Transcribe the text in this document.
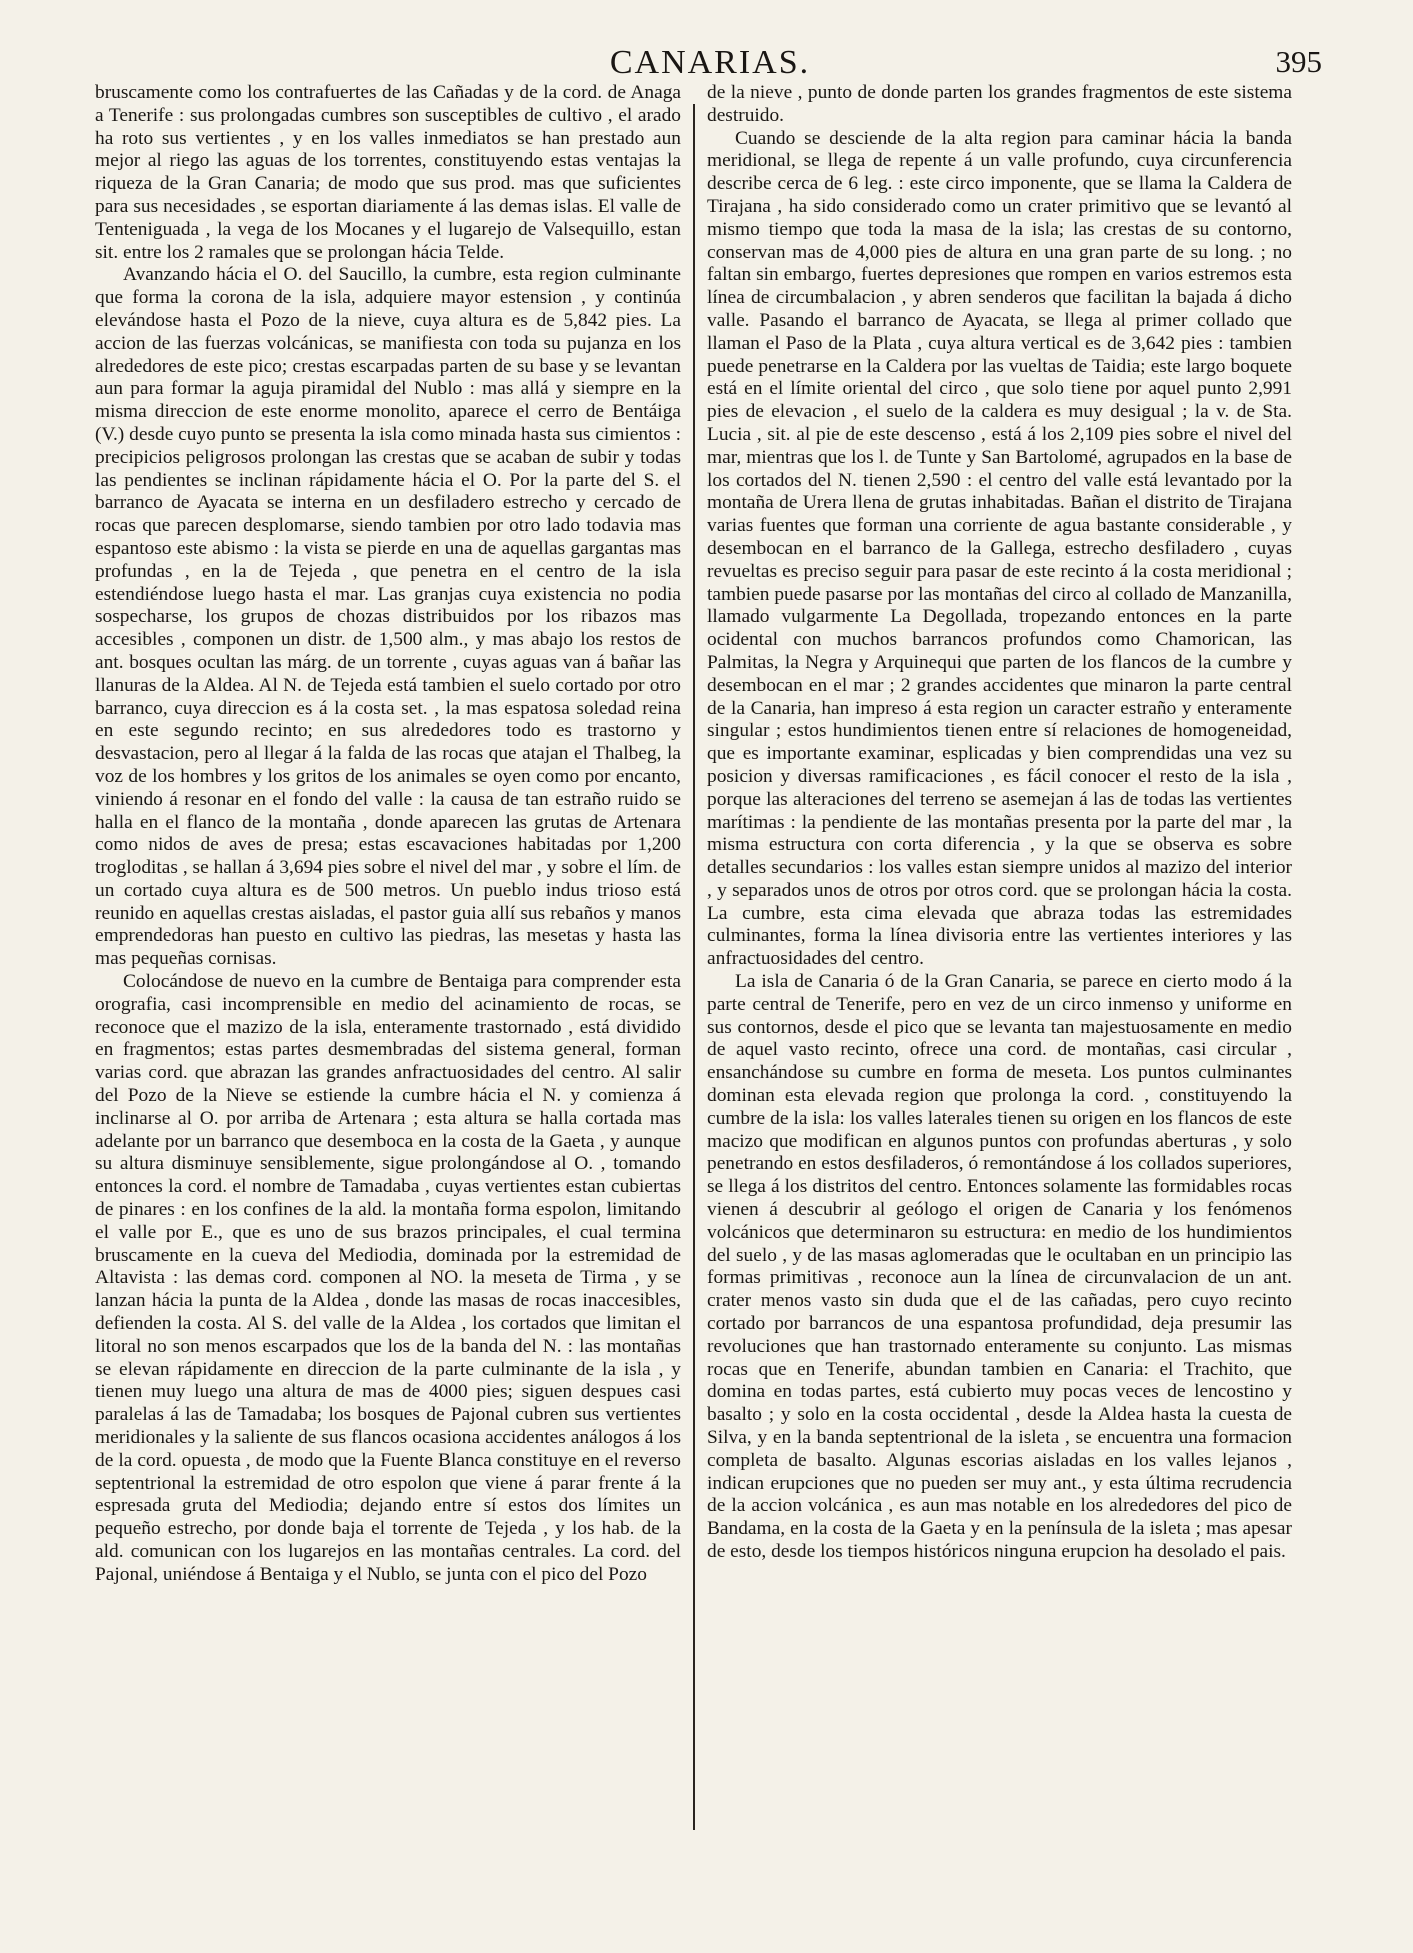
CANARIAS.	395

bruscamente como los contrafuertes de las Cañadas y de la cord. de Anaga a Tenerife : sus prolongadas cumbres son susceptibles de cultivo , el arado ha roto sus vertientes , y en los valles inmediatos se han prestado aun mejor al riego las aguas de los torrentes, constituyendo estas ventajas la riqueza de la Gran Canaria; de modo que sus prod. mas que suficientes para sus necesidades , se esportan diariamente á las demas islas. El valle de Tenteniguada , la vega de los Mocanes y el lugarejo de Valsequillo, estan sit. entre los 2 ramales que se prolongan hácia Telde.

Avanzando hácia el O. del Saucillo, la cumbre, esta region culminante que forma la corona de la isla, adquiere mayor estension , y continúa elevándose hasta el Pozo de la nieve, cuya altura es de 5,842 pies. La accion de las fuerzas volcánicas, se manifiesta con toda su pujanza en los alrededores de este pico; crestas escarpadas parten de su base y se levantan aun para formar la aguja piramidal del Nublo : mas allá y siempre en la misma direccion de este enorme monolito, aparece el cerro de Bentáiga (V.) desde cuyo punto se presenta la isla como minada hasta sus cimientos : precipicios peligrosos prolongan las crestas que se acaban de subir y todas las pendientes se inclinan rápidamente hácia el O. Por la parte del S. el barranco de Ayacata se interna en un desfiladero estrecho y cercado de rocas que parecen desplomarse, siendo tambien por otro lado todavia mas espantoso este abismo : la vista se pierde en una de aquellas gargantas mas profundas , en la de Tejeda , que penetra en el centro de la isla estendiéndose luego hasta el mar. Las granjas cuya existencia no podia sospecharse, los grupos de chozas distribuidos por los ribazos mas accesibles , componen un distr. de 1,500 alm., y mas abajo los restos de ant. bosques ocultan las márg. de un torrente , cuyas aguas van á bañar las llanuras de la Aldea. Al N. de Tejeda está tambien el suelo cortado por otro barranco, cuya direccion es á la costa set. , la mas espatosa soledad reina en este segundo recinto; en sus alrededores todo es trastorno y desvastacion, pero al llegar á la falda de las rocas que atajan el Thalbeg, la voz de los hombres y los gritos de los animales se oyen como por encanto, viniendo á resonar en el fondo del valle : la causa de tan estraño ruido se halla en el flanco de la montaña , donde aparecen las grutas de Artenara como nidos de aves de presa; estas escavaciones habitadas por 1,200 trogloditas , se hallan á 3,694 pies sobre el nivel del mar , y sobre el lím. de un cortado cuya altura es de 500 metros. Un pueblo indus trioso está reunido en aquellas crestas aisladas, el pastor guia allí sus rebaños y manos emprendedoras han puesto en cultivo las piedras, las mesetas y hasta las mas pequeñas cornisas.

Colocándose de nuevo en la cumbre de Bentaiga para comprender esta orografia, casi incomprensible en medio del acinamiento de rocas, se reconoce que el mazizo de la isla, enteramente trastornado , está dividido en fragmentos; estas partes desmembradas del sistema general, forman varias cord. que abrazan las grandes anfractuosidades del centro. Al salir del Pozo de la Nieve se estiende la cumbre hácia el N. y comienza á inclinarse al O. por arriba de Artenara ; esta altura se halla cortada mas adelante por un barranco que desemboca en la costa de la Gaeta , y aunque su altura disminuye sensiblemente, sigue prolongándose al O. , tomando entonces la cord. el nombre de Tamadaba , cuyas vertientes estan cubiertas de pinares : en los confines de la ald. la montaña forma espolon, limitando el valle por E., que es uno de sus brazos principales, el cual termina bruscamente en la cueva del Mediodia, dominada por la estremidad de Altavista : las demas cord. componen al NO. la meseta de Tirma , y se lanzan hácia la punta de la Aldea , donde las masas de rocas inaccesibles, defienden la costa. Al S. del valle de la Aldea , los cortados que limitan el litoral no son menos escarpados que los de la banda del N. : las montañas se elevan rápidamente en direccion de la parte culminante de la isla , y tienen muy luego una altura de mas de 4000 pies; siguen despues casi paralelas á las de Tamadaba; los bosques de Pajonal cubren sus vertientes meridionales y la saliente de sus flancos ocasiona accidentes análogos á los de la cord. opuesta , de modo que la Fuente Blanca constituye en el reverso septentrional la estremidad de otro espolon que viene á parar frente á la espresada gruta del Mediodia; dejando entre sí estos dos límites un pequeño estrecho, por donde baja el torrente de Tejeda , y los hab. de la ald. comunican con los lugarejos en las montañas centrales. La cord. del Pajonal, uniéndose á Bentaiga y el Nublo, se junta con el pico del Pozo

de la nieve , punto de donde parten los grandes fragmentos de este sistema destruido.

Cuando se desciende de la alta region para caminar hácia la banda meridional, se llega de repente á un valle profundo, cuya circunferencia describe cerca de 6 leg. : este circo imponente, que se llama la Caldera de Tirajana , ha sido considerado como un crater primitivo que se levantó al mismo tiempo que toda la masa de la isla; las crestas de su contorno, conservan mas de 4,000 pies de altura en una gran parte de su long. ; no faltan sin embargo, fuertes depresiones que rompen en varios estremos esta línea de circumbalacion , y abren senderos que facilitan la bajada á dicho valle. Pasando el barranco de Ayacata, se llega al primer collado que llaman el Paso de la Plata , cuya altura vertical es de 3,642 pies : tambien puede penetrarse en la Caldera por las vueltas de Taidia; este largo boquete está en el límite oriental del circo , que solo tiene por aquel punto 2,991 pies de elevacion , el suelo de la caldera es muy desigual ; la v. de Sta. Lucia , sit. al pie de este descenso , está á los 2,109 pies sobre el nivel del mar, mientras que los l. de Tunte y San Bartolomé, agrupados en la base de los cortados del N. tienen 2,590 : el centro del valle está levantado por la montaña de Urera llena de grutas inhabitadas. Bañan el distrito de Tirajana varias fuentes que forman una corriente de agua bastante considerable , y desembocan en el barranco de la Gallega, estrecho desfiladero , cuyas revueltas es preciso seguir para pasar de este recinto á la costa meridional ; tambien puede pasarse por las montañas del circo al collado de Manzanilla, llamado vulgarmente La Degollada, tropezando entonces en la parte ocidental con muchos barrancos profundos como Chamorican, las Palmitas, la Negra y Arquinequi que parten de los flancos de la cumbre y desembocan en el mar ; 2 grandes accidentes que minaron la parte central de la Canaria, han impreso á esta region un caracter estraño y enteramente singular ; estos hundimientos tienen entre sí relaciones de homogeneidad, que es importante examinar, esplicadas y bien comprendidas una vez su posicion y diversas ramificaciones , es fácil conocer el resto de la isla , porque las alteraciones del terreno se asemejan á las de todas las vertientes marítimas : la pendiente de las montañas presenta por la parte del mar , la misma estructura con corta diferencia , y la que se observa es sobre detalles secundarios : los valles estan siempre unidos al mazizo del interior , y separados unos de otros por otros cord. que se prolongan hácia la costa. La cumbre, esta cima elevada que abraza todas las estremidades culminantes, forma la línea divisoria entre las vertientes interiores y las anfractuosidades del centro.

La isla de Canaria ó de la Gran Canaria, se parece en cierto modo á la parte central de Tenerife, pero en vez de un circo inmenso y uniforme en sus contornos, desde el pico que se levanta tan majestuosamente en medio de aquel vasto recinto, ofrece una cord. de montañas, casi circular , ensanchándose su cumbre en forma de meseta. Los puntos culminantes dominan esta elevada region que prolonga la cord. , constituyendo la cumbre de la isla: los valles laterales tienen su origen en los flancos de este macizo que modifican en algunos puntos con profundas aberturas , y solo penetrando en estos desfiladeros, ó remontándose á los collados superiores, se llega á los distritos del centro. Entonces solamente las formidables rocas vienen á descubrir al geólogo el origen de Canaria y los fenómenos volcánicos que determinaron su estructura: en medio de los hundimientos del suelo , y de las masas aglomeradas que le ocultaban en un principio las formas primitivas , reconoce aun la línea de circunvalacion de un ant. crater menos vasto sin duda que el de las cañadas, pero cuyo recinto cortado por barrancos de una espantosa profundidad, deja presumir las revoluciones que han trastornado enteramente su conjunto. Las mismas rocas que en Tenerife, abundan tambien en Canaria: el Trachito, que domina en todas partes, está cubierto muy pocas veces de lencostino y basalto ; y solo en la costa occidental , desde la Aldea hasta la cuesta de Silva, y en la banda septentrional de la isleta , se encuentra una formacion completa de basalto. Algunas escorias aisladas en los valles lejanos , indican erupciones que no pueden ser muy ant., y esta última recrudencia de la accion volcánica , es aun mas notable en los alrededores del pico de Bandama, en la costa de la Gaeta y en la península de la isleta ; mas apesar de esto, desde los tiempos históricos ninguna erupcion ha desolado el pais.
